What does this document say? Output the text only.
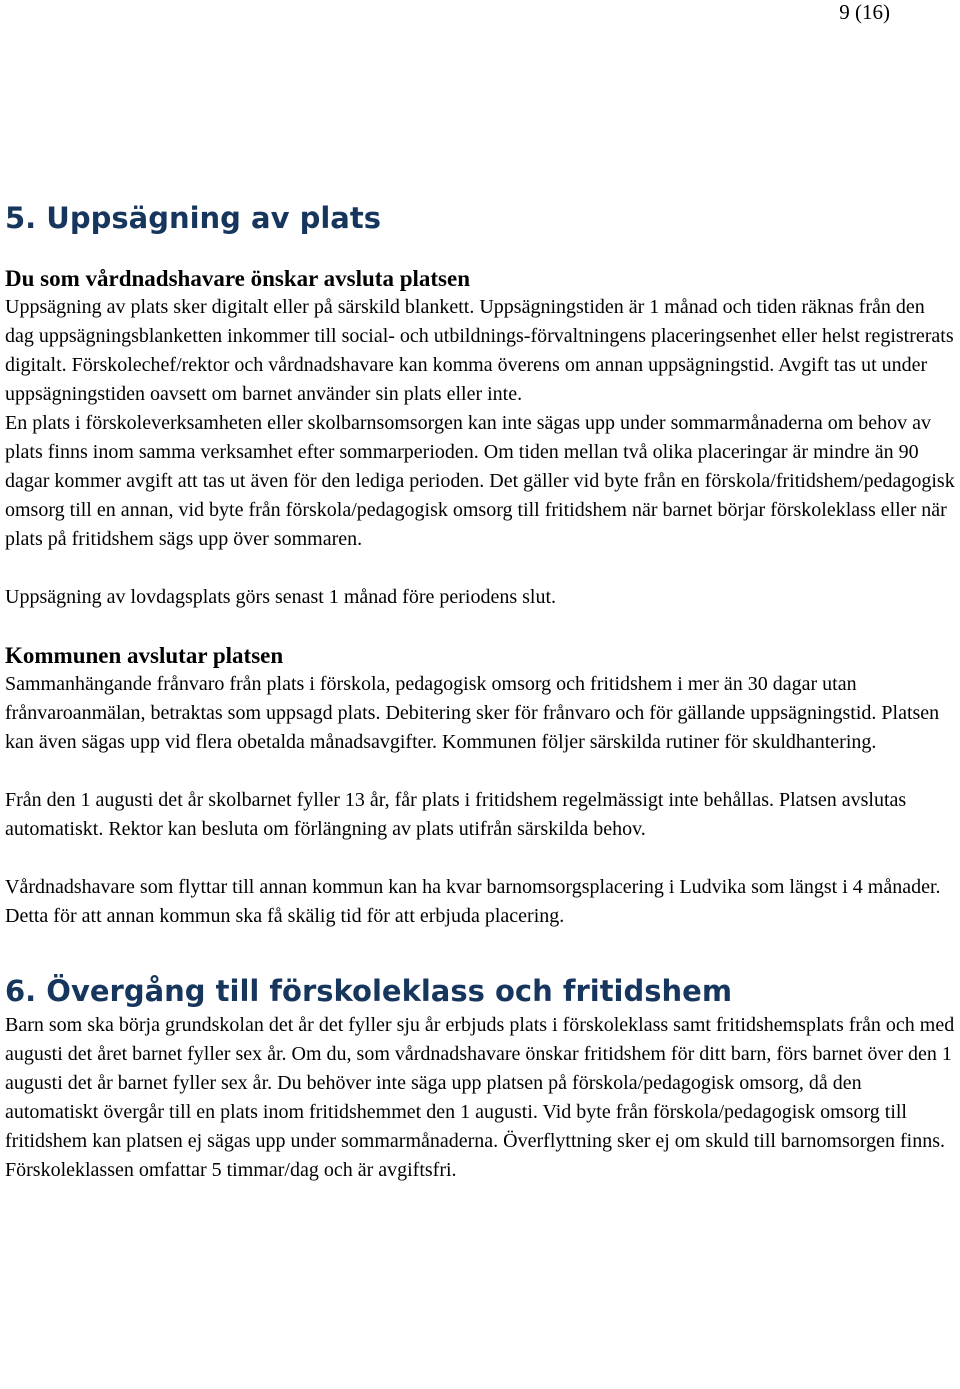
9 (16)
5. Uppsägning av plats
Du som vårdnadshavare önskar avsluta platsen

Uppsägning av plats sker digitalt eller på särskild blankett. Uppsägningstiden är 1 månad och tiden räknas från den dag uppsägningsblanketten inkommer till social- och utbildnings-förvaltningens placeringsenhet eller helst registrerats digitalt. Förskolechef/rektor och vårdnadshavare kan komma överens om annan uppsägningstid. Avgift tas ut under uppsägningstiden oavsett om barnet använder sin plats eller inte.

En plats i förskoleverksamheten eller skolbarnsomsorgen kan inte sägas upp under sommarmånaderna om behov av plats finns inom samma verksamhet efter sommarperioden. Om tiden mellan två olika placeringar är mindre än 90 dagar kommer avgift att tas ut även för den lediga perioden. Det gäller vid byte från en förskola/fritidshem/pedagogisk omsorg till en annan, vid byte från förskola/pedagogisk omsorg till fritidshem när barnet börjar förskoleklass eller när plats på fritidshem sägs upp över sommaren.

Uppsägning av lovdagsplats görs senast 1 månad före periodens slut.

Kommunen avslutar platsen

Sammanhängande frånvaro från plats i förskola, pedagogisk omsorg och fritidshem i mer än 30 dagar utan frånvaroanmälan, betraktas som uppsagd plats. Debitering sker för frånvaro och för gällande uppsägningstid. Platsen kan även sägas upp vid flera obetalda månadsavgifter. Kommunen följer särskilda rutiner för skuldhantering.

Från den 1 augusti det år skolbarnet fyller 13 år, får plats i fritidshem regelmässigt inte behållas. Platsen avslutas automatiskt. Rektor kan besluta om förlängning av plats utifrån särskilda behov.

Vårdnadshavare som flyttar till annan kommun kan ha kvar barnomsorgsplacering i Ludvika som längst i 4 månader. Detta för att annan kommun ska få skälig tid för att erbjuda placering.

6. Övergång till förskoleklass och fritidshem

Barn som ska börja grundskolan det år det fyller sju år erbjuds plats i förskoleklass samt fritidshemsplats från och med augusti det året barnet fyller sex år. Om du, som vårdnadshavare önskar fritidshem för ditt barn, förs barnet över den 1 augusti det år barnet fyller sex år. Du behöver inte säga upp platsen på förskola/pedagogisk omsorg, då den automatiskt övergår till en plats inom fritidshemmet den 1 augusti. Vid byte från förskola/pedagogisk omsorg till fritidshem kan platsen ej sägas upp under sommarmånaderna. Överflyttning sker ej om skuld till barnomsorgen finns.

Förskoleklassen omfattar 5 timmar/dag och är avgiftsfri.
